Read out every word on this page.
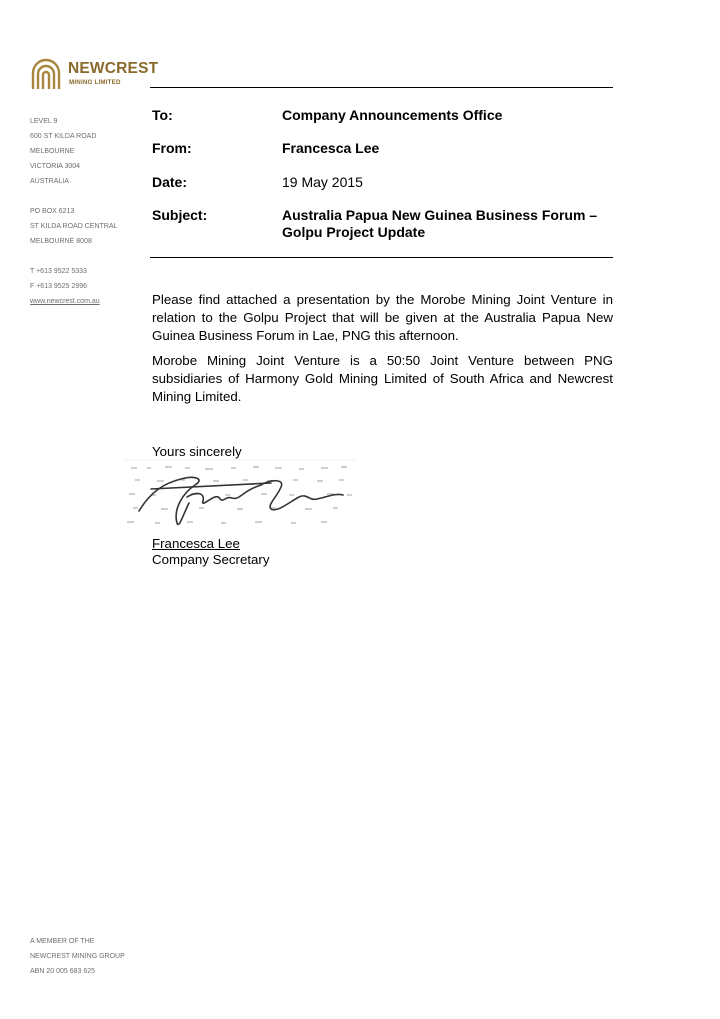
NEWCREST
MINING LIMITED
LEVEL 9
600 ST KILDA ROAD
MELBOURNE
VICTORIA 3004
AUSTRALIA
PO BOX 6213
ST KILDA ROAD CENTRAL
MELBOURNE 8008
T +613 9522 5333
F +613 9525 2996
www.newcrest.com.au
To:	Company Announcements Office
From:	Francesca Lee
Date:	19 May 2015
Subject:	Australia Papua New Guinea Business Forum –
Golpu Project Update
Please find attached a presentation by the Morobe Mining Joint Venture in relation to the Golpu Project that will be given at the Australia Papua New Guinea Business Forum in Lae, PNG this afternoon.
Morobe Mining Joint Venture is a 50:50 Joint Venture between PNG subsidiaries of Harmony Gold Mining Limited of South Africa and Newcrest Mining Limited.
Yours sincerely
Francesca Lee
Company Secretary
A MEMBER OF THE
NEWCREST MINING GROUP
ABN 20 005 683 625
